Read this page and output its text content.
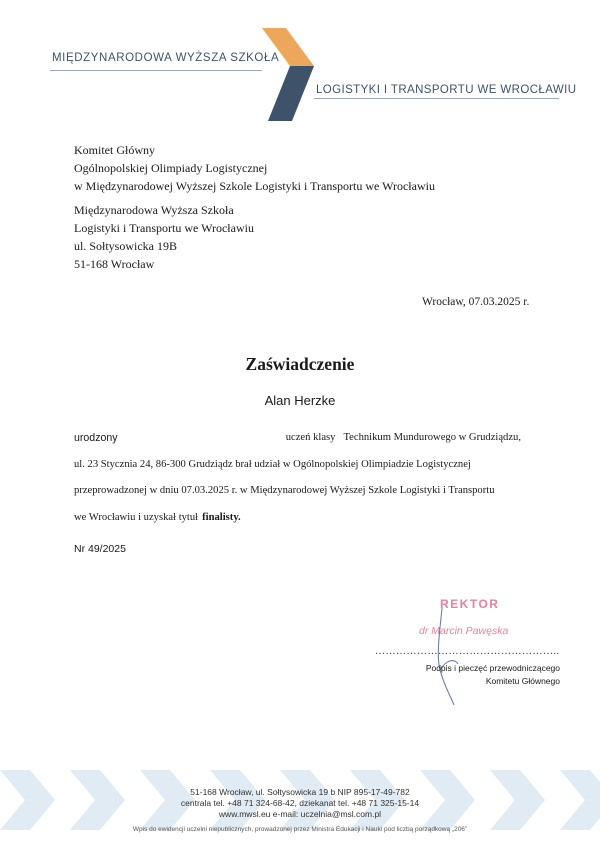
MIĘDZYNARODOWA WYŻSZA SZKOŁA
LOGISTYKI I TRANSPORTU WE WROCŁAWIU
Komitet Główny
Ogólnopolskiej Olimpiady Logistycznej
w Międzynarodowej Wyższej Szkole Logistyki i Transportu we Wrocławiu
Międzynarodowa Wyższa Szkoła
Logistyki i Transportu we Wrocławiu
ul. Sołtysowicka 19B
51-168 Wrocław
Wrocław, 07.03.2025 r.
Zaświadczenie
Alan Herzke
urodzony	uczeń klasy Technikum Mundurowego w Grudziądzu,
ul. 23 Stycznia 24, 86-300 Grudziądz brał udział w Ogólnopolskiej Olimpiadzie Logistycznej
przeprowadzonej w dniu 07.03.2025 r. w Międzynarodowej Wyższej Szkole Logistyki i Transportu
we Wrocławiu i uzyskał tytuł finalisty.
Nr 49/2025
REKTOR
dr Marcin Pawęska
……………………………………………..
Podpis i pieczęć przewodniczącego
Komitetu Głównego
51-168 Wrocław, ul. Sołtysowicka 19 b NIP 895-17-49-782
centrala tel. +48 71 324-68-42, dziekanat tel. +48 71 325-15-14
www.mwsl.eu e-mail: uczelnia@msl.com.pl
Wpis do ewidencji uczelni niepublicznych, prowadzonej przez Ministra Edukacji i Nauki pod liczbą porządkową „206”
